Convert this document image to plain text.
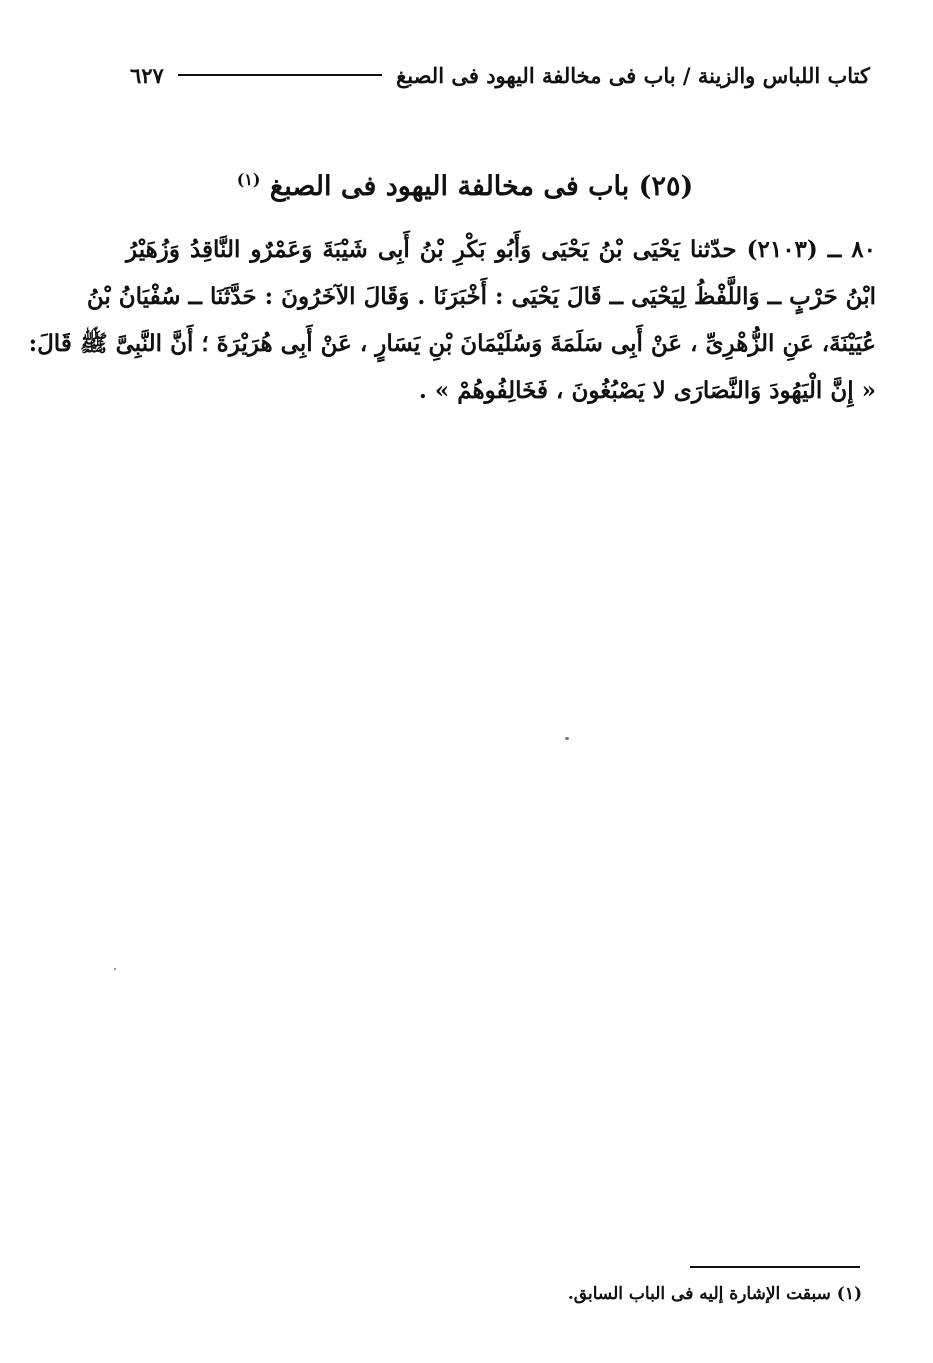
كتاب اللباس والزينة / باب فى مخالفة اليهود فى الصبغ
٦٢٧
(٢٥) باب فى مخالفة اليهود فى الصبغ $^{(١)}$
٨٠ ــ (٢١٠٣) حدّثنا يَحْيَى بْنُ يَحْيَى وَأَبُو بَكْرِ بْنُ أَبِى شَيْبَةَ وَعَمْرٌو النَّاقِدُ وَزُهَيْرُ
ابْنُ حَرْبٍ ــ وَاللَّفْظُ لِيَحْيَى ــ قَالَ يَحْيَى : أَخْبَرَنَا . وَقَالَ الآخَرُونَ : حَدَّثَنَا ــ سُفْيَانُ بْنُ
عُيَيْنَةَ، عَنِ الزُّهْرِىِّ ، عَنْ أَبِى سَلَمَةَ وَسُلَيْمَانَ بْنِ يَسَارٍ ، عَنْ أَبِى هُرَيْرَةَ ؛ أَنَّ النَّبِىَّ ﷺ قَالَ:
« إِنَّ الْيَهُودَ وَالنَّصَارَى لا يَصْبُغُونَ ، فَخَالِفُوهُمْ » .
(١) سبقت الإشارة إليه فى الباب السابق.
